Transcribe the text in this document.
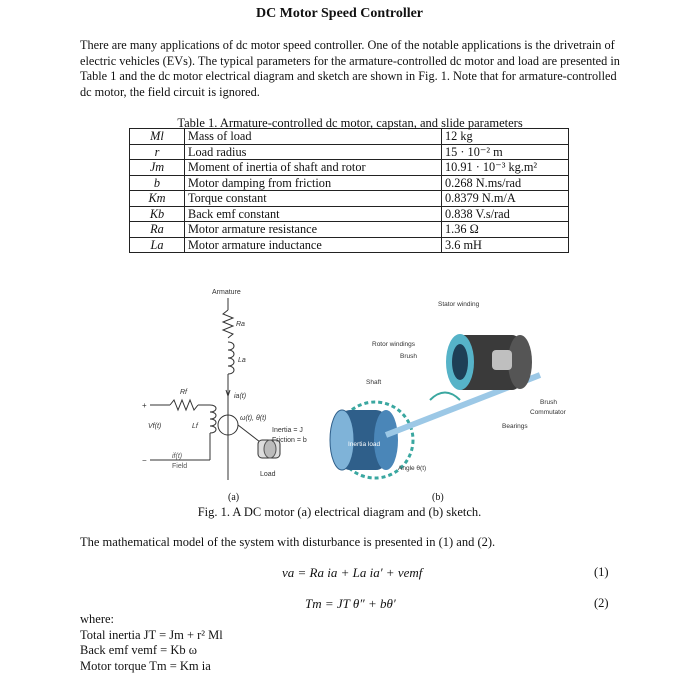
DC Motor Speed Controller
There are many applications of dc motor speed controller. One of the notable applications is the drivetrain of electric vehicles (EVs). The typical parameters for the armature-controlled dc motor and load are presented in Table 1 and the dc motor electrical diagram and sketch are shown in Fig. 1. Note that for armature-controlled dc motor, the field circuit is ignored.
Table 1. Armature-controlled dc motor, capstan, and slide parameters
Ml	Mass of load	12 kg
r	Load radius	15 · 10⁻² m
Jm	Moment of inertia of shaft and rotor	10.91 · 10⁻³ kg.m²
b	Motor damping from friction	0.268 N.ms/rad
Km	Torque constant	0.8379 N.m/A
Kb	Back emf constant	0.838 V.s/rad
Ra	Motor armature resistance	1.36 Ω
La	Motor armature inductance	3.6 mH
Armature
Ra
La
ia(t)
Rf
Lf
Vf(t)
if(t)
Field
+
−
ω(t), θ(t)
Inertia = J
Friction = b
Load
Stator winding
Rotor windings
Brush
Shaft
Brush
Commutator
Bearings
Inertia load
Angle θ(t)
(a)	(b)
Fig. 1. A DC motor (a) electrical diagram and (b) sketch.
The mathematical model of the system with disturbance is presented in (1) and (2).
va = Ra ia + La ia′ + vemf	(1)
Tm = JT θ″ + bθ′	(2)
where:
Total inertia JT = Jm + r² Ml
Back emf vemf = Kb ω
Motor torque Tm = Km ia
